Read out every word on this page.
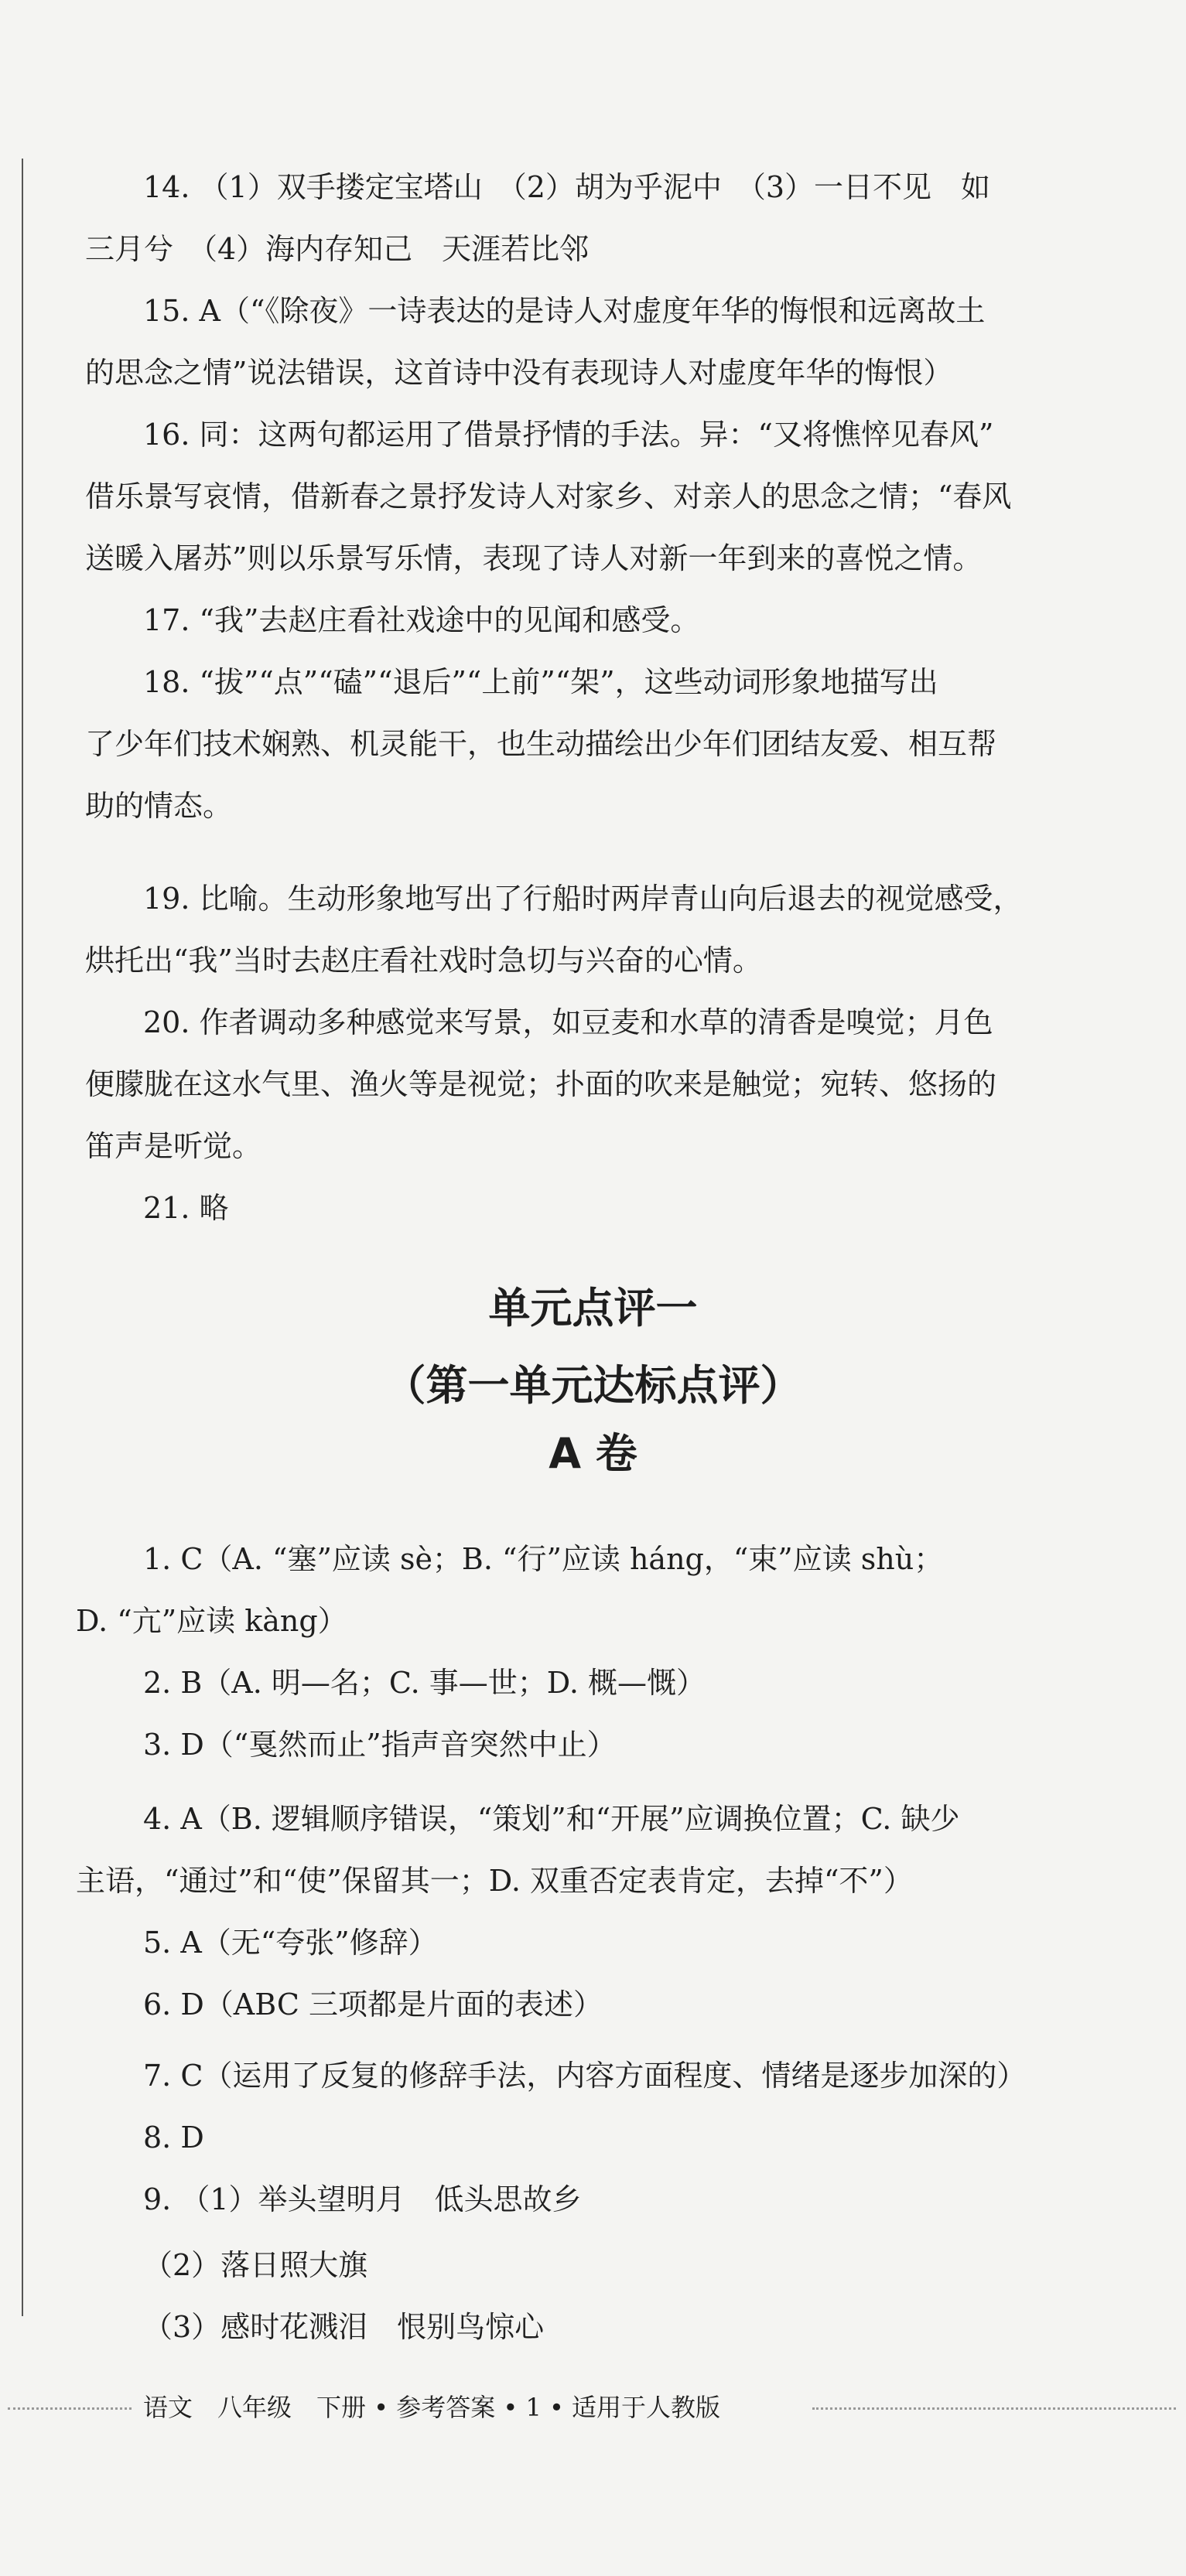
14. （1）双手搂定宝塔山　（2）胡为乎泥中　（3）一日不见　如
三月兮　（4）海内存知己　天涯若比邻
15. A（“《除夜》一诗表达的是诗人对虚度年华的悔恨和远离故土
的思念之情”说法错误，这首诗中没有表现诗人对虚度年华的悔恨）
16. 同：这两句都运用了借景抒情的手法。异：“又将憔悴见春风”
借乐景写哀情，借新春之景抒发诗人对家乡、对亲人的思念之情；“春风
送暖入屠苏”则以乐景写乐情，表现了诗人对新一年到来的喜悦之情。
17. “我”去赵庄看社戏途中的见闻和感受。
18. “拔”“点”“磕”“退后”“上前”“架”，这些动词形象地描写出
了少年们技术娴熟、机灵能干，也生动描绘出少年们团结友爱、相互帮
助的情态。
19. 比喻。生动形象地写出了行船时两岸青山向后退去的视觉感受，
烘托出“我”当时去赵庄看社戏时急切与兴奋的心情。
20. 作者调动多种感觉来写景，如豆麦和水草的清香是嗅觉；月色
便朦胧在这水气里、渔火等是视觉；扑面的吹来是触觉；宛转、悠扬的
笛声是听觉。
21. 略
单元点评一
（第一单元达标点评）
A 卷
1. C（A. “塞”应读 sè；B. “行”应读 háng，“束”应读 shù；
D. “亢”应读 kàng）
2. B（A. 明—名；C. 事—世；D. 概—慨）
3. D（“戛然而止”指声音突然中止）
4. A（B. 逻辑顺序错误，“策划”和“开展”应调换位置；C. 缺少
主语，“通过”和“使”保留其一；D. 双重否定表肯定，去掉“不”）
5. A（无“夸张”修辞）
6. D（ABC 三项都是片面的表述）
7. C（运用了反复的修辞手法，内容方面程度、情绪是逐步加深的）
8. D
9. （1）举头望明月　低头思故乡
（2）落日照大旗
（3）感时花溅泪　恨别鸟惊心
语文　八年级　下册 • 参考答案 • 1 • 适用于人教版
